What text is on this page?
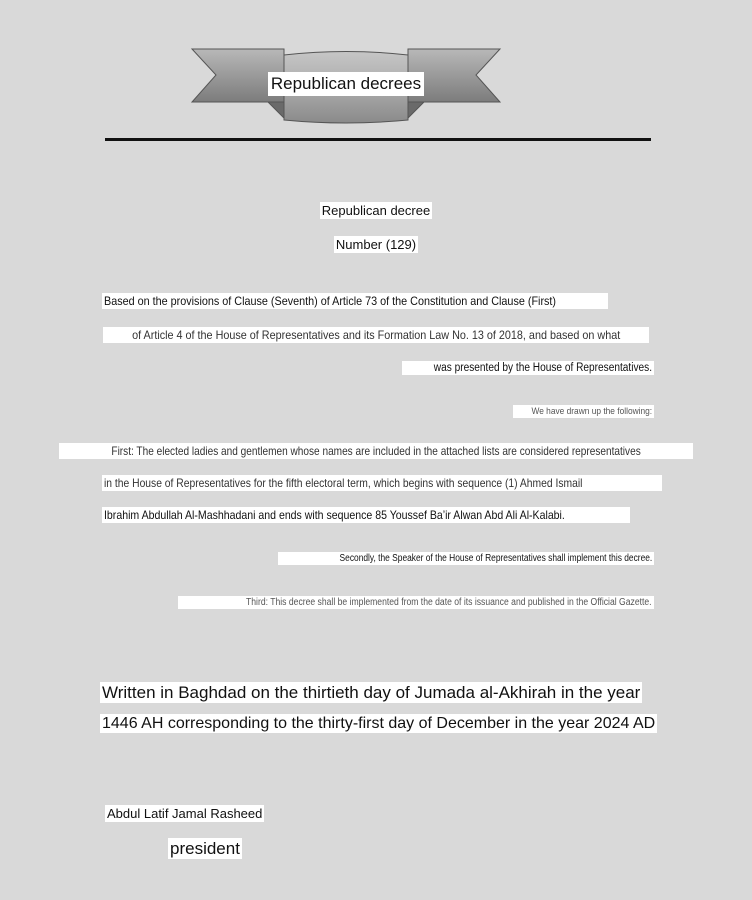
Republican decrees
Republican decree
Number (129)
Based on the provisions of Clause (Seventh) of Article 73 of the Constitution and Clause (First)
of Article 4 of the House of Representatives and its Formation Law No. 13 of 2018, and based on what
was presented by the House of Representatives.
We have drawn up the following:
First: The elected ladies and gentlemen whose names are included in the attached lists are considered representatives
in the House of Representatives for the fifth electoral term, which begins with sequence (1) Ahmed Ismail
Ibrahim Abdullah Al-Mashhadani and ends with sequence 85 Youssef Ba’ir Alwan Abd Ali Al-Kalabi.
Secondly, the Speaker of the House of Representatives shall implement this decree.
Third: This decree shall be implemented from the date of its issuance and published in the Official Gazette.
Written in Baghdad on the thirtieth day of Jumada al-Akhirah in the year
1446 AH corresponding to the thirty-first day of December in the year 2024 AD
Abdul Latif Jamal Rasheed
president
